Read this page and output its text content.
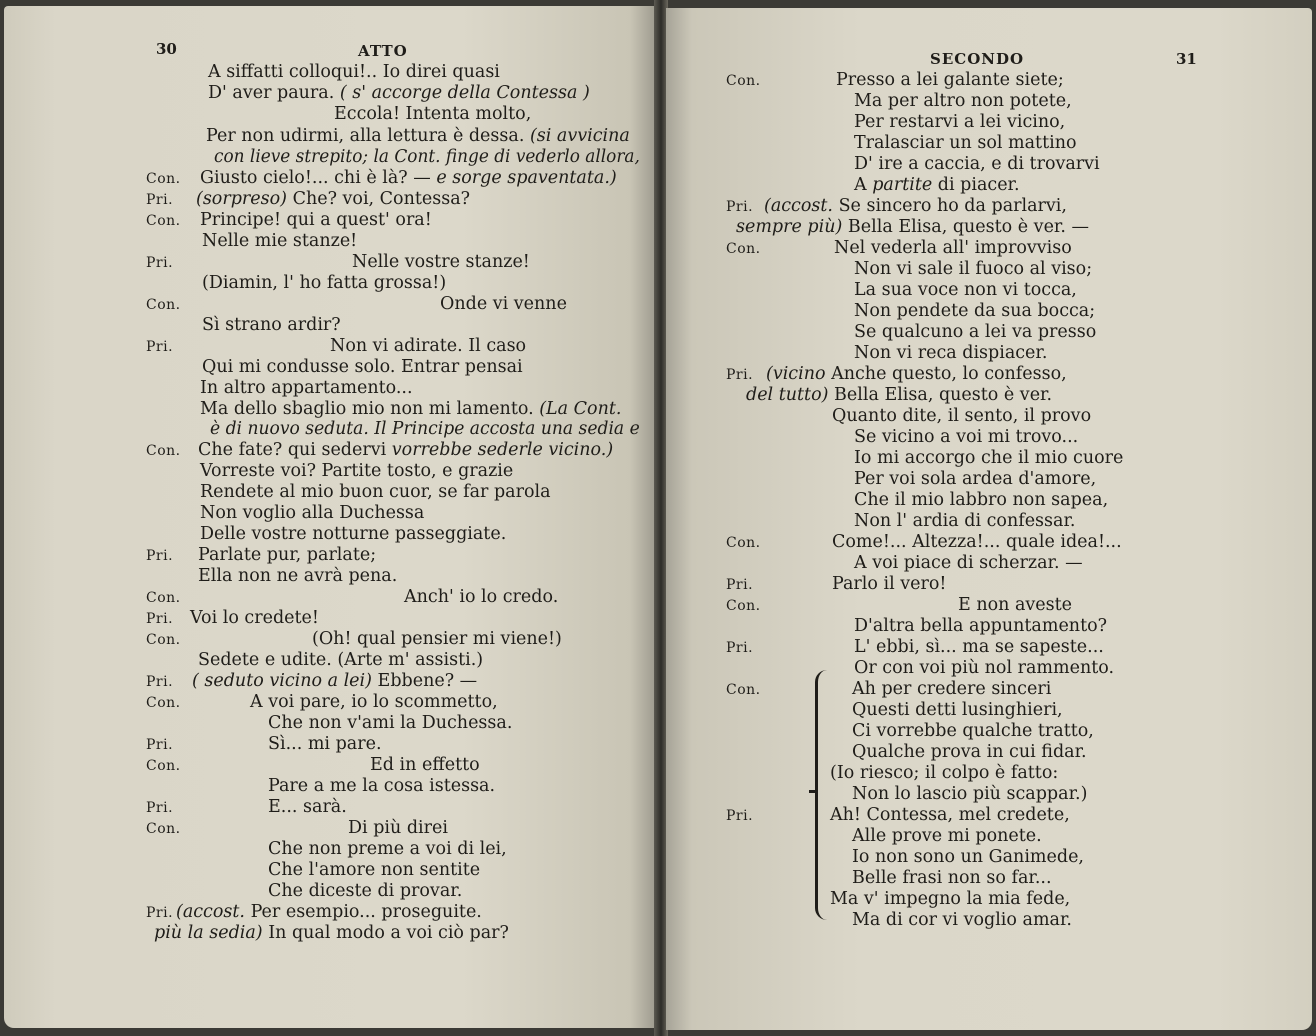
30	ATTO	31
SECONDO
A siffatti colloqui!.. Io direi quasi
D' aver paura. ( s' accorge della Contessa )
Eccola! Intenta molto,
Per non udirmi, alla lettura è dessa. (si avvicina
con lieve strepito; la Cont. finge di vederlo allora,
Con. Giusto cielo!... chi è là? — e sorge spaventata.)
Pri. (sorpreso) Che? voi, Contessa?
Con. Principe! qui a quest' ora!
Nelle mie stanze!
Pri.	Nelle vostre stanze!
(Diamin, l' ho fatta grossa!)
Con.	Onde vi venne
Sì strano ardir?
Pri.	Non vi adirate. Il caso
Qui mi condusse solo. Entrar pensai
In altro appartamento...
Ma dello sbaglio mio non mi lamento. (La Cont.
è di nuovo seduta. Il Principe accosta una sedia e
Con. Che fate? qui sedervi vorrebbe sederle vicino.)
Vorreste voi? Partite tosto, e grazie
Rendete al mio buon cuor, se far parola
Non voglio alla Duchessa
Delle vostre notturne passeggiate.
Pri. Parlate pur, parlate;
Ella non ne avrà pena.
Con.	Anch' io lo credo.
Pri. Voi lo credete!
Con.	(Oh! qual pensier mi viene!)
Sedete e udite. (Arte m' assisti.)
Pri. ( seduto vicino a lei) Ebbene? —
Con.	A voi pare, io lo scommetto,
Che non v'ami la Duchessa.
Pri.	Sì... mi pare.
Con.	Ed in effetto
Pare a me la cosa istessa.
Pri.	E... sarà.
Con.	Di più direi
Che non preme a voi di lei,
Che l'amore non sentite
Che diceste di provar.
Pri. (accost. Per esempio... proseguite.
più la sedia) In qual modo a voi ciò par?
Con.	Presso a lei galante siete;
Ma per altro non potete,
Per restarvi a lei vicino,
Tralasciar un sol mattino
D' ire a caccia, e di trovarvi
A partite di piacer.
Pri. (accost. Se sincero ho da parlarvi,
sempre più) Bella Elisa, questo è ver. —
Con.	Nel vederla all' improvviso
Non vi sale il fuoco al viso;
La sua voce non vi tocca,
Non pendete da sua bocca;
Se qualcuno a lei va presso
Non vi reca dispiacer.
Pri. (vicino Anche questo, lo confesso,
del tutto) Bella Elisa, questo è ver.
Quanto dite, il sento, il provo
Se vicino a voi mi trovo...
Io mi accorgo che il mio cuore
Per voi sola ardea d'amore,
Che il mio labbro non sapea,
Non l' ardia di confessar.
Con.	Come!... Altezza!... quale idea!...
A voi piace di scherzar. —
Pri.	Parlo il vero!
Con.	E non aveste
D'altra bella appuntamento?
Pri.	L' ebbi, sì... ma se sapeste...
Or con voi più nol rammento.
Con.	Ah per credere sinceri
Questi detti lusinghieri,
Ci vorrebbe qualche tratto,
Qualche prova in cui fidar.
(Io riesco; il colpo è fatto:
Non lo lascio più scappar.)
Pri.	Ah! Contessa, mel credete,
Alle prove mi ponete.
Io non sono un Ganimede,
Belle frasi non so far...
Ma v' impegno la mia fede,
Ma di cor vi voglio amar.
